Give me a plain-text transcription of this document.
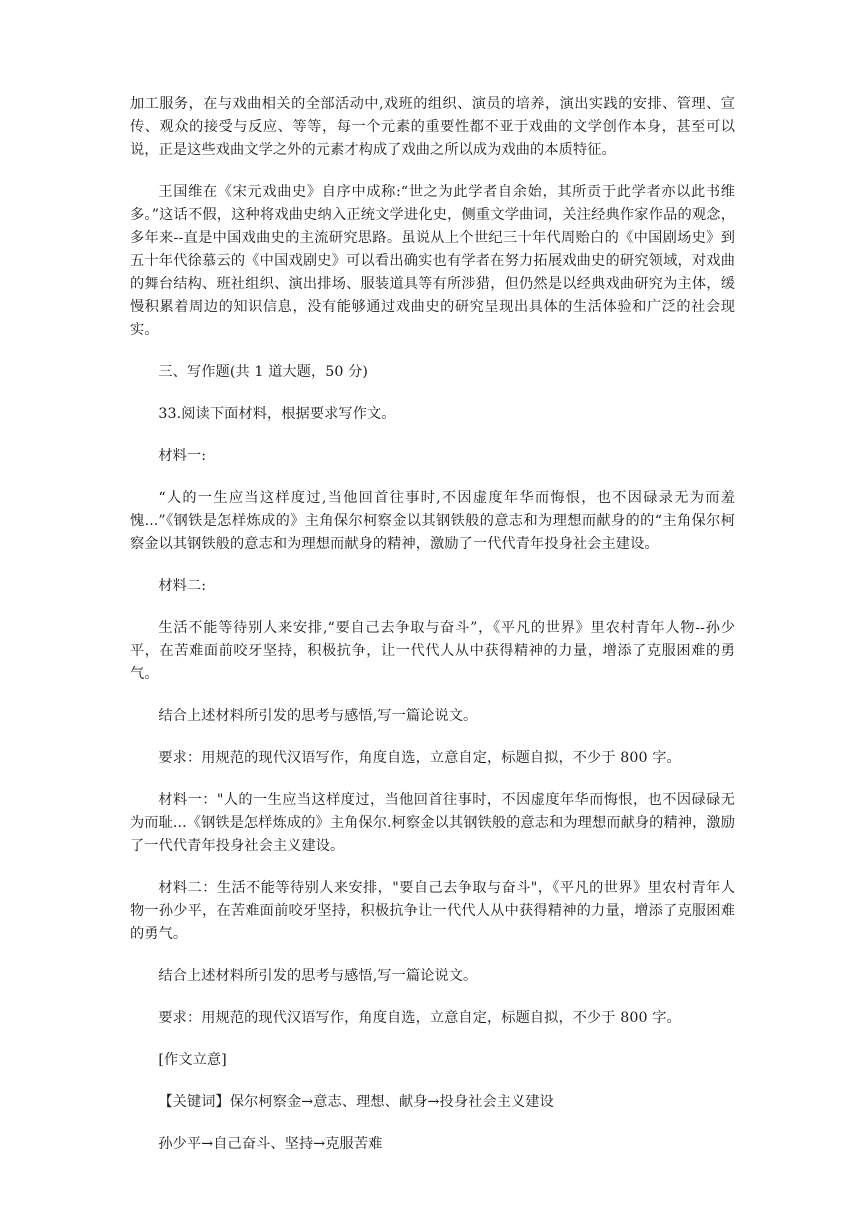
加工服务，在与戏曲相关的全部活动中,戏班的组织、演员的培养，演出实践的安排、管理、宣传、观众的接受与反应、等等，每一个元素的重要性都不亚于戏曲的文学创作本身，甚至可以说，正是这些戏曲文学之外的元素才构成了戏曲之所以成为戏曲的本质特征。

王国维在《宋元戏曲史》自序中成称:“世之为此学者自余始，其所贡于此学者亦以此书维多。”这话不假，这种将戏曲史纳入正统文学进化史，侧重文学曲词，关注经典作家作品的观念，多年来--直是中国戏曲史的主流研究思路。虽说从上个世纪三十年代周贻白的《中国剧场史》到五十年代徐慕云的《中国戏剧史》可以看出确实也有学者在努力拓展戏曲史的研究领域，对戏曲的舞台结构、班社组织、演出排场、服装道具等有所涉猎，但仍然是以经典戏曲研究为主体，缓慢积累着周边的知识信息，没有能够通过戏曲史的研究呈现出具体的生活体验和广泛的社会现实。

三、写作题(共 1 道大题，50 分)

33.阅读下面材料，根据要求写作文。

材料一:

“人的一生应当这样度过,当他回首往事时,不因虚度年华而悔恨，也不因碌录无为而羞愧...”《钢铁是怎样炼成的》主角保尔柯察金以其钢铁般的意志和为理想而献身的的“主角保尔柯察金以其钢铁般的意志和为理想而献身的精神，激励了一代代青年投身社会主建设。

材料二:

生活不能等待别人来安排,“要自己去争取与奋斗”，《平凡的世界》里农村青年人物--孙少平，在苦难面前咬牙坚持，积极抗争，让一代代人从中获得精神的力量，增添了克服困难的勇气。

结合上述材料所引发的思考与感悟,写一篇论说文。

要求：用规范的现代汉语写作，角度自选，立意自定，标题自拟，不少于 800 字。

材料一："人的一生应当这样度过，当他回首往事时，不因虚度年华而悔恨，也不因碌碌无为而耻...《钢铁是怎样炼成的》主角保尔.柯察金以其钢铁般的意志和为理想而献身的精神，激励了一代代青年投身社会主义建设。

材料二：生活不能等待别人来安排，"要自己去争取与奋斗"，《平凡的世界》里农村青年人物一孙少平，在苦难面前咬牙坚持，积极抗争让一代代人从中获得精神的力量，增添了克服困难的勇气。

结合上述材料所引发的思考与感悟,写一篇论说文。

要求：用规范的现代汉语写作，角度自选，立意自定，标题自拟，不少于 800 字。

[作文立意]

【关键词】保尔柯察金→意志、理想、献身→投身社会主义建设

孙少平→自己奋斗、坚持→克服苦难
